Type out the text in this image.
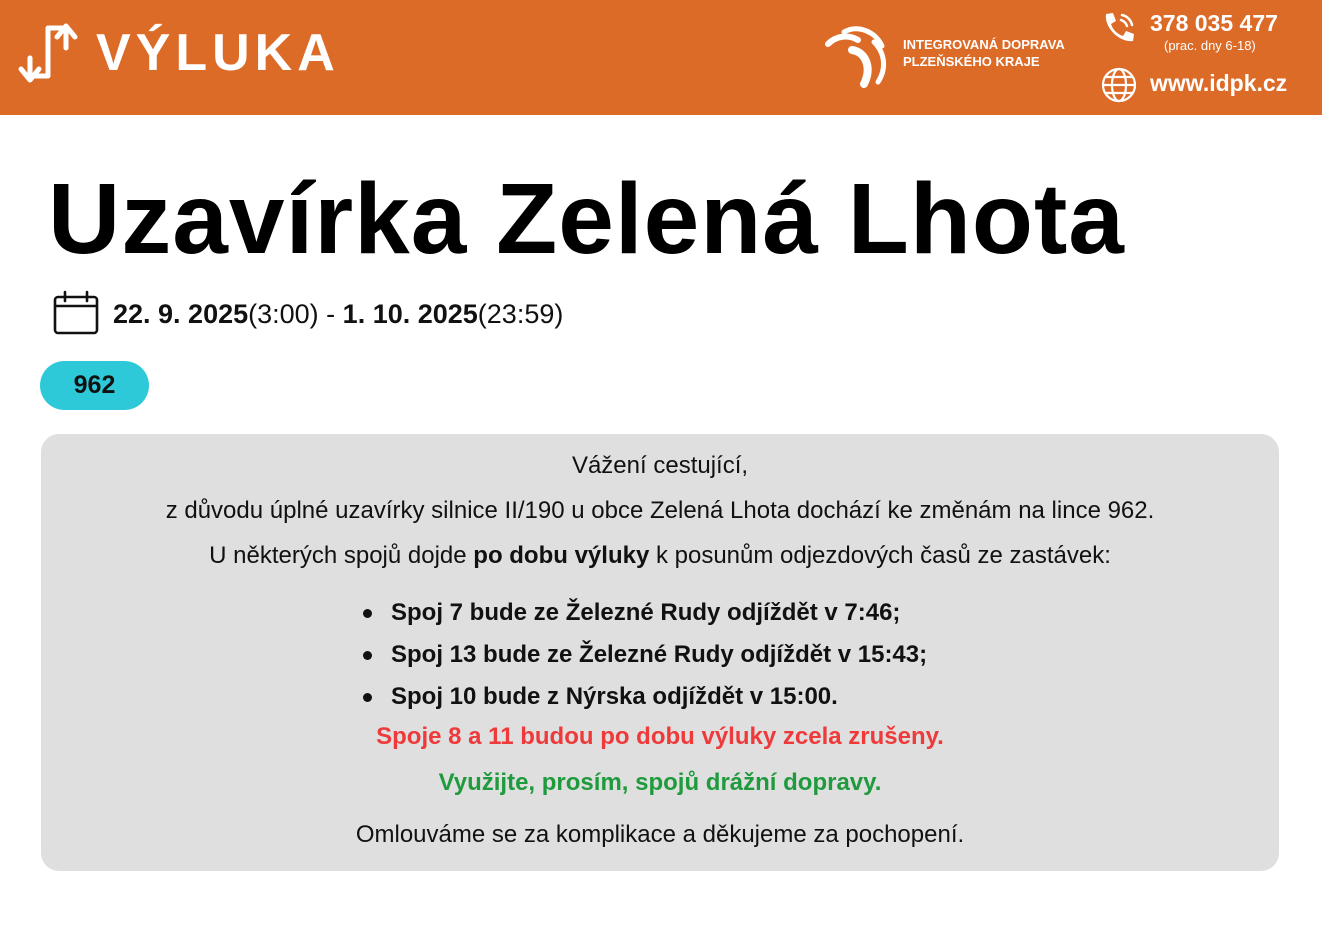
VÝLUKA	INTEGROVANÁ DOPRAVA
PLZEŇSKÉHO KRAJE
378 035 477
(prac. dny 6-18)
www.idpk.cz
Uzavírka Zelená Lhota
22. 9. 2025(3:00) - 1. 10. 2025(23:59)
962
Vážení cestující,
z důvodu úplné uzavírky silnice II/190 u obce Zelená Lhota dochází ke změnám na lince 962.
U některých spojů dojde po dobu výluky k posunům odjezdových časů ze zastávek:
Spoj 7 bude ze Železné Rudy odjíždět v 7:46;
Spoj 13 bude ze Železné Rudy odjíždět v 15:43;
Spoj 10 bude z Nýrska odjíždět v 15:00.
Spoje 8 a 11 budou po dobu výluky zcela zrušeny.
Využijte, prosím, spojů drážní dopravy.
Omlouváme se za komplikace a děkujeme za pochopení.
